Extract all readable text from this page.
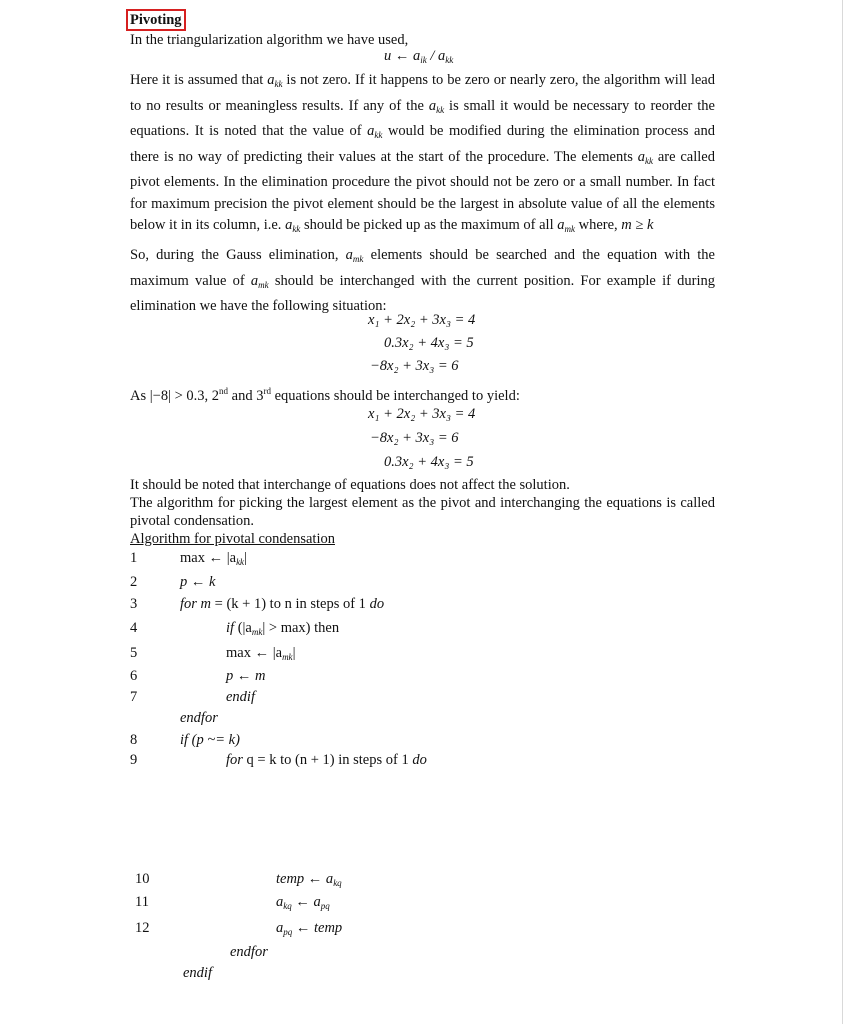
Pivoting
In the triangularization algorithm we have used,
u ← $a_{ik} / a_{kk}$
Here it is assumed that $a_{kk}$ is not zero. If it happens to be zero or nearly zero, the algorithm will lead to no results or meaningless results. If any of the $a_{kk}$ is small it would be necessary to reorder the equations. It is noted that the value of $a_{kk}$ would be modified during the elimination process and there is no way of predicting their values at the start of the procedure. The elements $a_{kk}$ are called pivot elements. In the elimination procedure the pivot should not be zero or a small number. In fact for maximum precision the pivot element should be the largest in absolute value of all the elements below it in its column, i.e. $a_{kk}$ should be picked up as the maximum of all $a_{mk}$ where, m ≥ k
So, during the Gauss elimination, $a_{mk}$ elements should be searched and the equation with the maximum value of $a_{mk}$ should be interchanged with the current position. For example if during elimination we have the following situation:
x₁ + 2x₂ + 3x₃ = 4
0.3x₂ + 4x₃ = 5
−8x₂ + 3x₃ = 6
As |−8| > 0.3, 2nd and 3rd equations should be interchanged to yield:
x₁ + 2x₂ + 3x₃ = 4
−8x₂ + 3x₃ = 6
0.3x₂ + 4x₃ = 5
It should be noted that interchange of equations does not affect the solution.
The algorithm for picking the largest element as the pivot and interchanging the equations is called pivotal condensation.
Algorithm for pivotal condensation
1
2
3
4
5
6
7
8
9
10
11
12
max ← $|a_{kk}|$
p ← k
for m = (k + 1) to n in steps of 1 do
if $(|a_{mk}| > \max)$ then
max ← $|a_{mk}|$
p ← m
endif
endfor
if (p ~= k)
for q = k to (n + 1) in steps of 1 do
temp ← $a_{kq}$
$a_{kq}$ ← $a_{pq}$
$a_{pq}$ ← temp
endfor
endif
